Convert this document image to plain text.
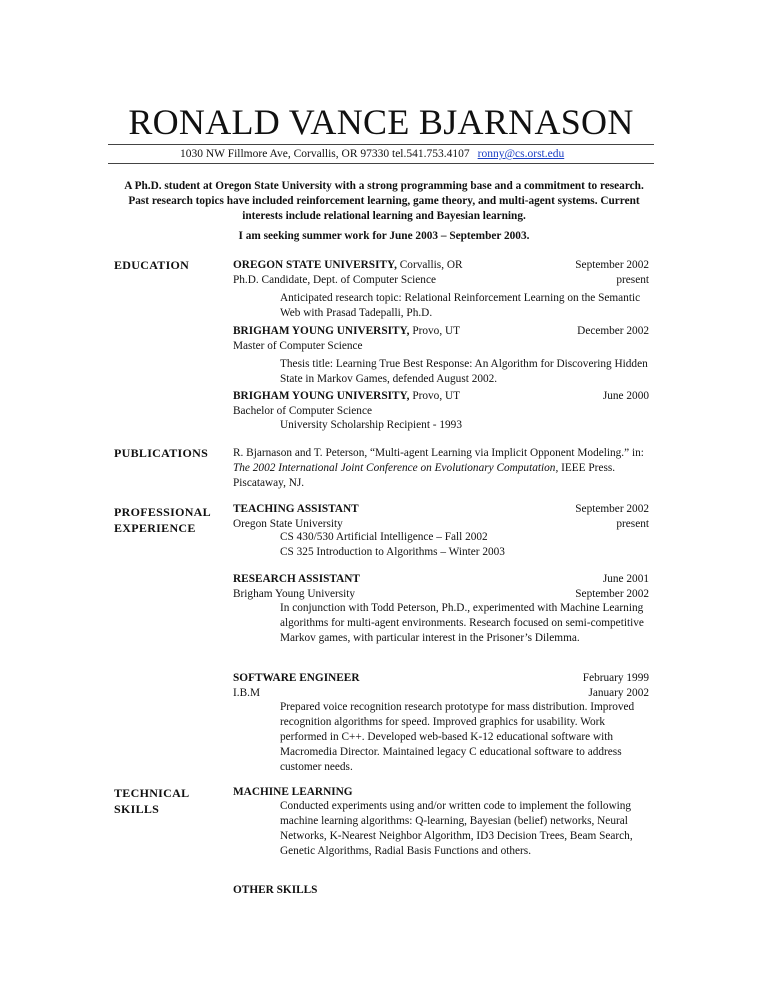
RONALD VANCE BJARNASON
1030 NW Fillmore Ave, Corvallis, OR 97330 tel.541.753.4107 ronny@cs.orst.edu
A Ph.D. student at Oregon State University with a strong programming base and a commitment to research. Past research topics have included reinforcement learning, game theory, and multi-agent systems. Current interests include relational learning and Bayesian learning.
I am seeking summer work for June 2003 – September 2003.
EDUCATION	OREGON STATE UNIVERSITY, Corvallis, OR	September 2002
Ph.D. Candidate, Dept. of Computer Science	present
Anticipated research topic: Relational Reinforcement Learning on the Semantic Web with Prasad Tadepalli, Ph.D.
BRIGHAM YOUNG UNIVERSITY, Provo, UT	December 2002
Master of Computer Science
Thesis title: Learning True Best Response: An Algorithm for Discovering Hidden State in Markov Games, defended August 2002.
BRIGHAM YOUNG UNIVERSITY, Provo, UT	June 2000
Bachelor of Computer Science
University Scholarship Recipient - 1993
PUBLICATIONS R. Bjarnason and T. Peterson, “Multi-agent Learning via Implicit Opponent Modeling.” in: The 2002 International Joint Conference on Evolutionary Computation, IEEE Press. Piscataway, NJ.
PROFESSIONAL
EXPERIENCE
TEACHING ASSISTANT	September 2002
Oregon State University	present
CS 430/530 Artificial Intelligence – Fall 2002
CS 325 Introduction to Algorithms – Winter 2003
RESEARCH ASSISTANT	June 2001
Brigham Young University	September 2002
In conjunction with Todd Peterson, Ph.D., experimented with Machine Learning algorithms for multi-agent environments. Research focused on semi-competitive Markov games, with particular interest in the Prisoner’s Dilemma.
SOFTWARE ENGINEER	February 1999
I.B.M	January 2002
Prepared voice recognition research prototype for mass distribution. Improved recognition algorithms for speed. Improved graphics for usability. Work performed in C++. Developed web-based K-12 educational software with Macromedia Director. Maintained legacy C educational software to address customer needs.
TECHNICAL
SKILLS
MACHINE LEARNING
Conducted experiments using and/or written code to implement the following machine learning algorithms: Q-learning, Bayesian (belief) networks, Neural Networks, K-Nearest Neighbor Algorithm, ID3 Decision Trees, Beam Search, Genetic Algorithms, Radial Basis Functions and others.
OTHER SKILLS
